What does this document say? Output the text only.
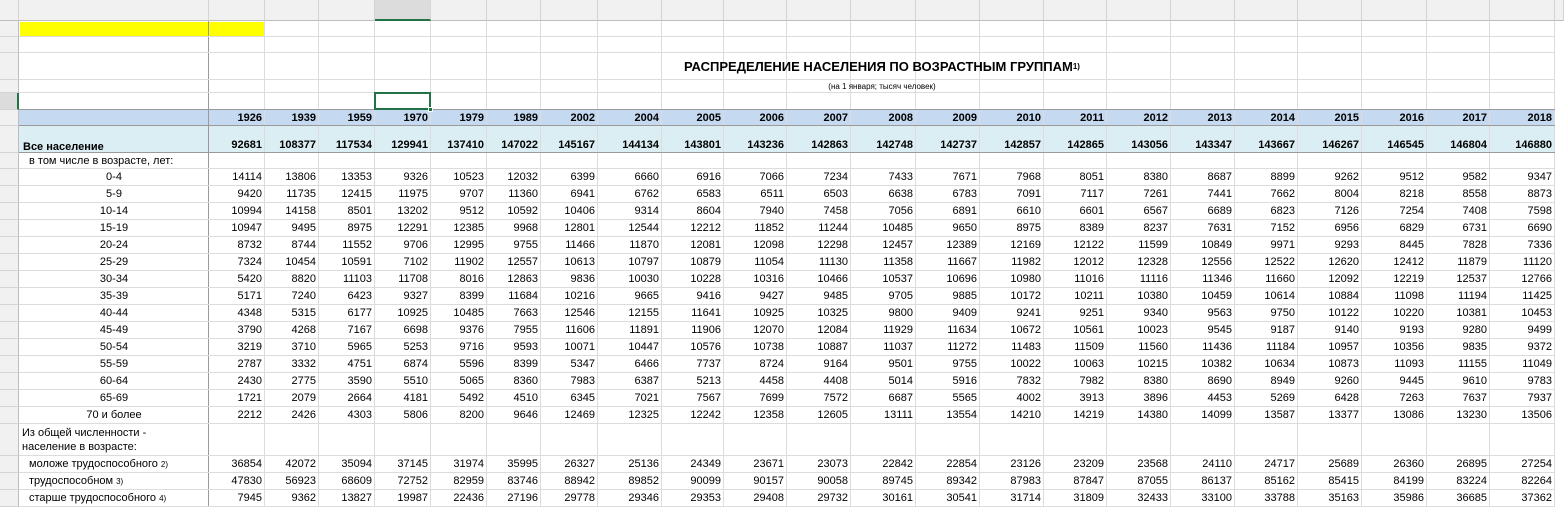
РАСПРЕДЕЛЕНИЕ НАСЕЛЕНИЯ ПО ВОЗРАСТНЫМ ГРУППАМ 1)
(на 1 января; тысяч человек)
1926	1939	1959	1970	1979	1989	2002	2004	2005	2006	2007	2008	2009	2010	2011	2012	2013	2014	2015	2016	2017	2018
Все население	92681	108377	117534	129941	137410	147022	145167	144134	143801	143236	142863	142748	142737	142857	142865	143056	143347	143667	146267	146545	146804	146880
в том числе в возрасте, лет:
0-4	14114	13806	13353	9326	10523	12032	6399	6660	6916	7066	7234	7433	7671	7968	8051	8380	8687	8899	9262	9512	9582	9347
5-9	9420	11735	12415	11975	9707	11360	6941	6762	6583	6511	6503	6638	6783	7091	7117	7261	7441	7662	8004	8218	8558	8873
10-14	10994	14158	8501	13202	9512	10592	10406	9314	8604	7940	7458	7056	6891	6610	6601	6567	6689	6823	7126	7254	7408	7598
15-19	10947	9495	8975	12291	12385	9968	12801	12544	12212	11852	11244	10485	9650	8975	8389	8237	7631	7152	6956	6829	6731	6690
20-24	8732	8744	11552	9706	12995	9755	11466	11870	12081	12098	12298	12457	12389	12169	12122	11599	10849	9971	9293	8445	7828	7336
25-29	7324	10454	10591	7102	11902	12557	10613	10797	10879	11054	11130	11358	11667	11982	12012	12328	12556	12522	12620	12412	11879	11120
30-34	5420	8820	11103	11708	8016	12863	9836	10030	10228	10316	10466	10537	10696	10980	11016	11116	11346	11660	12092	12219	12537	12766
35-39	5171	7240	6423	9327	8399	11684	10216	9665	9416	9427	9485	9705	9885	10172	10211	10380	10459	10614	10884	11098	11194	11425
40-44	4348	5315	6177	10925	10485	7663	12546	12155	11641	10925	10325	9800	9409	9241	9251	9340	9563	9750	10122	10220	10381	10453
45-49	3790	4268	7167	6698	9376	7955	11606	11891	11906	12070	12084	11929	11634	10672	10561	10023	9545	9187	9140	9193	9280	9499
50-54	3219	3710	5965	5253	9716	9593	10071	10447	10576	10738	10887	11037	11272	11483	11509	11560	11436	11184	10957	10356	9835	9372
55-59	2787	3332	4751	6874	5596	8399	5347	6466	7737	8724	9164	9501	9755	10022	10063	10215	10382	10634	10873	11093	11155	11049
60-64	2430	2775	3590	5510	5065	8360	7983	6387	5213	4458	4408	5014	5916	7832	7982	8380	8690	8949	9260	9445	9610	9783
65-69	1721	2079	2664	4181	5492	4510	6345	7021	7567	7699	7572	6687	5565	4002	3913	3896	4453	5269	6428	7263	7637	7937
70 и более	2212	2426	4303	5806	8200	9646	12469	12325	12242	12358	12605	13111	13554	14210	14219	14380	14099	13587	13377	13086	13230	13506
Из общей численности -
население в возрасте:
моложе трудоспособного 2)	36854	42072	35094	37145	31974	35995	26327	25136	24349	23671	23073	22842	22854	23126	23209	23568	24110	24717	25689	26360	26895	27254
трудоспособном 3)	47830	56923	68609	72752	82959	83746	88942	89852	90099	90157	90058	89745	89342	87983	87847	87055	86137	85162	85415	84199	83224	82264
старше трудоспособного 4)	7945	9362	13827	19987	22436	27196	29778	29346	29353	29408	29732	30161	30541	31714	31809	32433	33100	33788	35163	35986	36685	37362
